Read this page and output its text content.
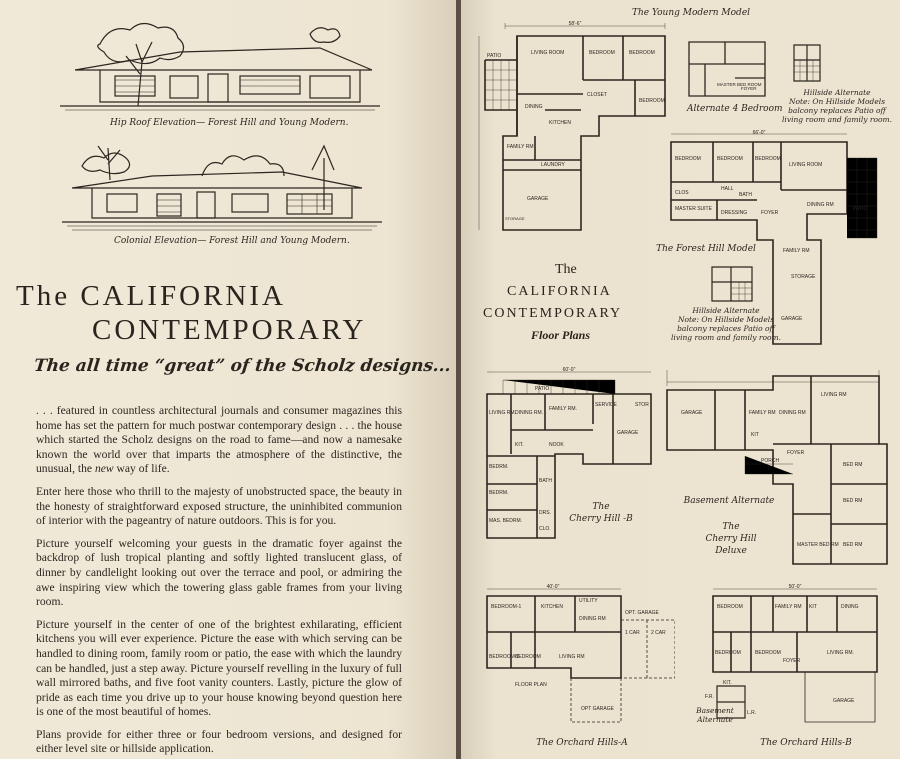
Hip Roof Elevation— Forest Hill and Young Modern.
Colonial Elevation— Forest Hill and Young Modern.
The CALIFORNIA
CONTEMPORARY
The all time “great” of the Scholz designs...

. . . featured in countless architectural journals and consumer magazines this home has set the pattern for much postwar contemporary design . . . the house which started the Scholz designs on the road to fame—and now a namesake known the world over that imparts the atmosphere of the distinctive, the unusual, the new way of life.

Enter here those who thrill to the majesty of unobstructed space, the beauty in the honesty of straightforward exposed structure, the uninhibited communion of interior with the pageantry of nature outdoors. This is for you.

Picture yourself welcoming your guests in the dramatic foyer against the backdrop of lush tropical planting and softly lighted translucent glass, of dinner by candlelight looking out over the terrace and pool, or admiring the awe inspiring view which the towering glass gable frames from your living room.

Picture yourself in the center of one of the brightest exhilarating, efficient kitchens you will ever experience. Picture the ease with which serving can be handled to dining room, family room or patio, the ease with which the laundry can be handled, just a step away. Picture yourself revelling in the luxury of full wall mirrored baths, and five foot vanity counters. Lastly, picture the glow of pride as each time you drive up to your house knowing beyond question here is one of the most beautiful of homes.

Plans provide for either three or four bedroom versions, and designed for either level site or hillside application.

The Young Modern Model
58'-6"
PATIO	LIVING ROOM	BEDROOM	BEDROOM
DINING
KITCHEN
CLOSET
BEDROOM
FAMILY RM
LAUNDRY
GARAGE
STORAGE
MASTER BED ROOM
FOYER
Alternate 4 Bedroom
Hillside Alternate
Note: On Hillside Models
balcony replaces Patio off
living room and family room.
66'-0"
BEDROOM	BEDROOM BEDROOM
LIVING ROOM
HALL
CLOS
MASTER SUITE
DRESSING
BATH
FOYER
DINING RM
PATIO
FAMILY RM
STORAGE
GARAGE
The Forest Hill Model
Hillside Alternate
Note: On Hillside Models
balcony replaces Patio off
living room and family room.
The
CALIFORNIA
CONTEMPORARY
Floor Plans
60'-0"
PATIO
LIVING RM. DINING RM.
FAMILY RM.
SERVICE	STOR
KIT.	NOOK
GARAGE
BEDRM.
BEDRM.
BATH
DRS.
MAS. BEDRM.
CLO.
The
Cherry Hill -B
GARAGE
LIVING RM
FAMILY RM DINING RM
KIT
FOYER
PORCH
BED RM
BED RM
MASTER BED RM BED RM
Basement Alternate
The
Cherry Hill
Deluxe
40'-0"
BEDROOM-1
UTILITY
KITCHEN
DINING RM
BEDROOM-2
BEDROOM	LIVING RM
OPT. GARAGE
1 CAR 2 CAR
FLOOR PLAN
OPT GARAGE
The Orchard Hills-A
50'-0"
BEDROOM	FAMILY RM KIT	DINING
BEDROOM	BEDROOM
FOYER
LIVING RM.
GARAGE
KIT.
F.R.
L.R.
Basement Alternate
The Orchard Hills-B
